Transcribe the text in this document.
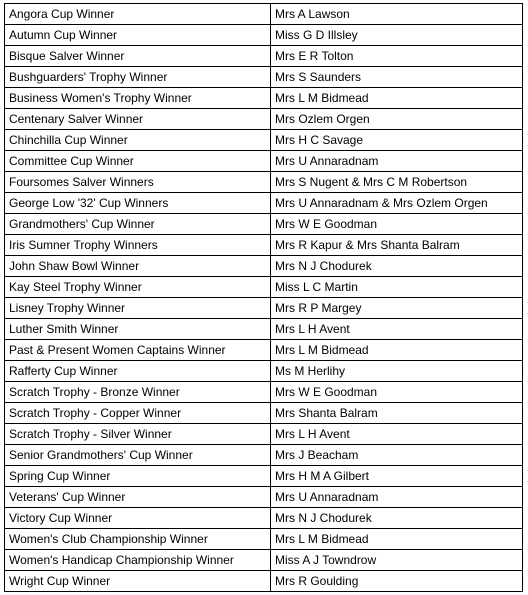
Angora Cup Winner	Mrs A Lawson
Autumn Cup Winner	Miss G D Illsley
Bisque Salver Winner	Mrs E R Tolton
Bushguarders' Trophy Winner	Mrs S Saunders
Business Women's Trophy Winner	Mrs L M Bidmead
Centenary Salver Winner	Mrs Ozlem Orgen
Chinchilla Cup Winner	Mrs H C Savage
Committee Cup Winner	Mrs U Annaradnam
Foursomes Salver Winners	Mrs S Nugent & Mrs C M Robertson
George Low '32' Cup Winners	Mrs U Annaradnam & Mrs Ozlem Orgen
Grandmothers' Cup Winner	Mrs W E Goodman
Iris Sumner Trophy Winners	Mrs R Kapur & Mrs Shanta Balram
John Shaw Bowl Winner	Mrs N J Chodurek
Kay Steel Trophy Winner	Miss L C Martin
Lisney Trophy Winner	Mrs R P Margey
Luther Smith Winner	Mrs L H Avent
Past & Present Women Captains Winner	Mrs L M Bidmead
Rafferty Cup Winner	Ms M Herlihy
Scratch Trophy - Bronze Winner	Mrs W E Goodman
Scratch Trophy - Copper Winner	Mrs Shanta Balram
Scratch Trophy - Silver Winner	Mrs L H Avent
Senior Grandmothers' Cup Winner	Mrs J Beacham
Spring Cup Winner	Mrs H M A Gilbert
Veterans' Cup Winner	Mrs U Annaradnam
Victory Cup Winner	Mrs N J Chodurek
Women's Club Championship Winner	Mrs L M Bidmead
Women's Handicap Championship Winner	Miss A J Towndrow
Wright Cup Winner	Mrs R Goulding
